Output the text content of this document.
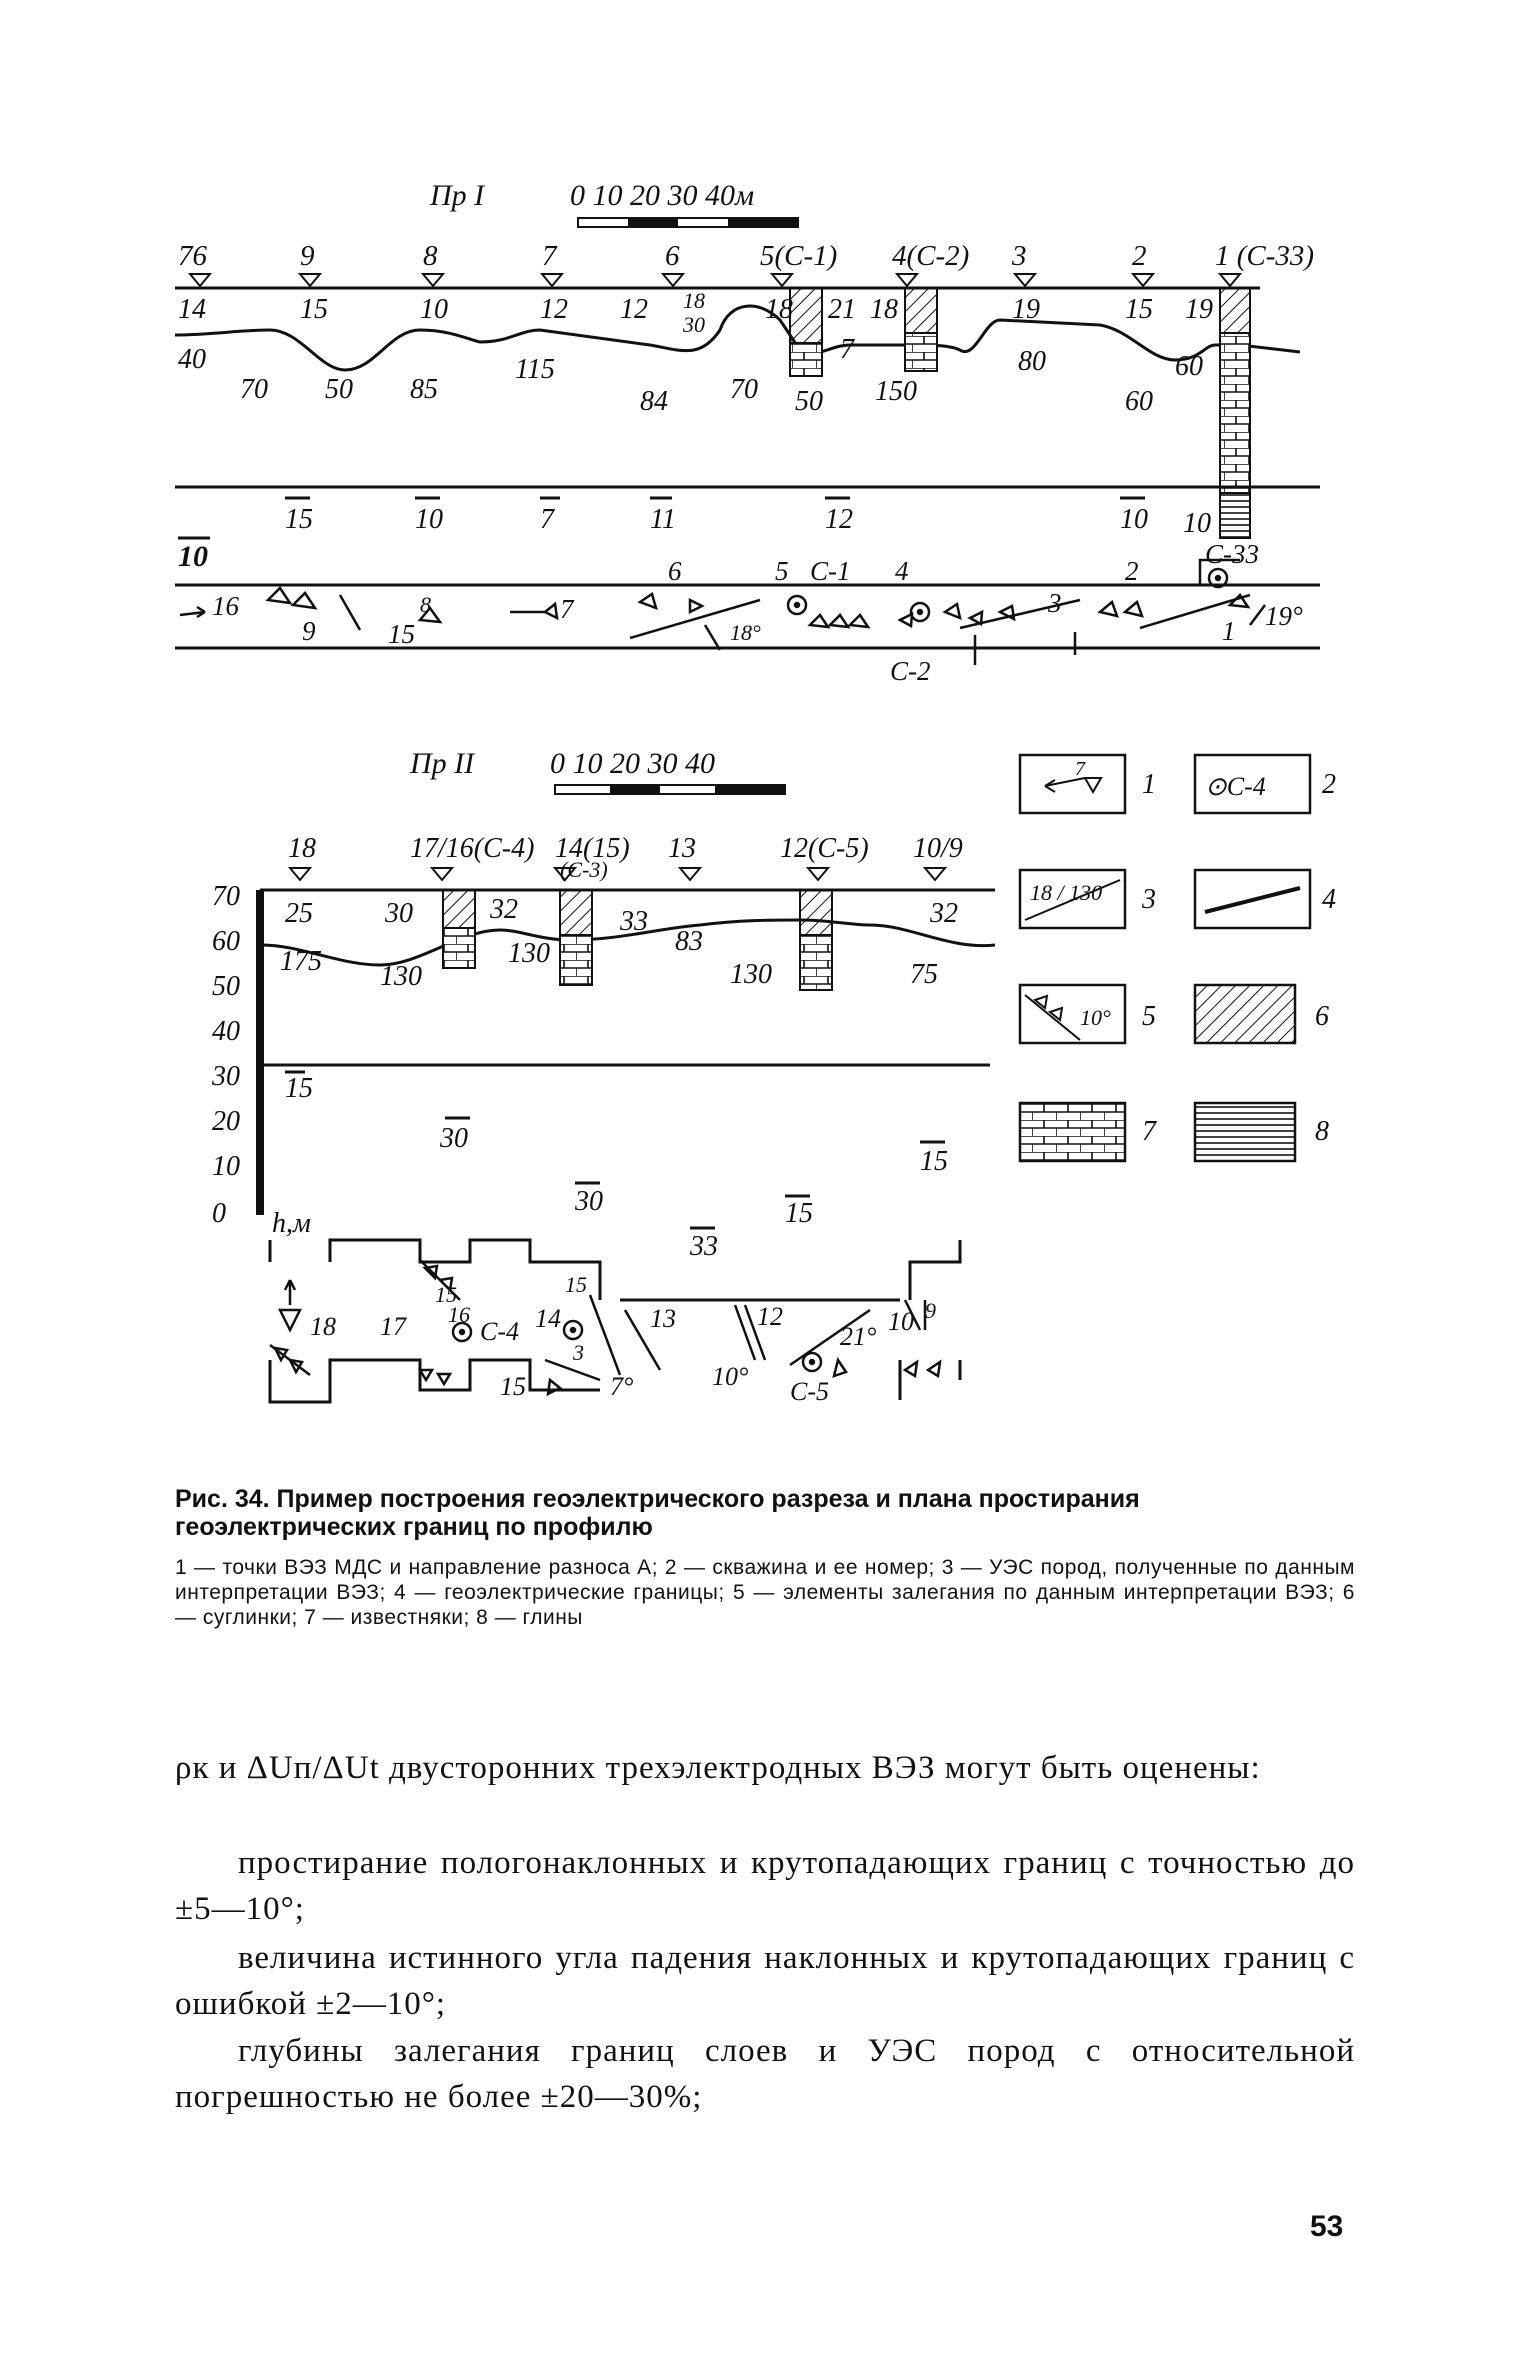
Пр I	0 10 20 30 40м
76	9	8	7	6	5(С-1) 4(С-2) 3	2 1 (С-33)
14	15	10	12 12 18
30 18 21 18	19	15 19
40
70 50 85
115
84 70 50
7
150
80	60
60
15	10	7	11	12	10 10
10	6	5 С-1 4	2
С-33
16
9	15
8	7
18°
С-2
3
1 19°
Пр II	0 10 20 30 40
18	17/16(С-4) 14(15)
(С-3)
13	12(С-5) 10/9
70
60
50
40
30
20
10
0 h,м
25	30	32	33	32
175 130
130	83
130	75
15
30
15
30
33
15
18 17 16
С-4 14
15
3
15
13
7°
12
10°
С-5
21°
10 9
15
7 1 ⊙С-4 2
18 / 130 3	4
10° 5	6
7	8
Рис. 34. Пример построения геоэлектрического разреза и плана простирания геоэлектрических границ по профилю
1 — точки ВЭЗ МДС и направление разноса А; 2 — скважина и ее номер; 3 — УЭС пород, полученные по данным интерпретации ВЭЗ; 4 — геоэлектрические границы; 5 — элементы залегания по данным интерпретации ВЭЗ; 6 — суглинки; 7 — известняки; 8 — глины
ρк и ΔUп/ΔUt двусторонних трехэлектродных ВЭЗ могут быть оценены:
простирание пологонаклонных и крутопадающих границ с точностью до ±5—10°;
величина истинного угла падения наклонных и крутопадающих границ с ошибкой ±2—10°;
глубины залегания границ слоев и УЭС пород с относительной погрешностью не более ±20—30%;
53
